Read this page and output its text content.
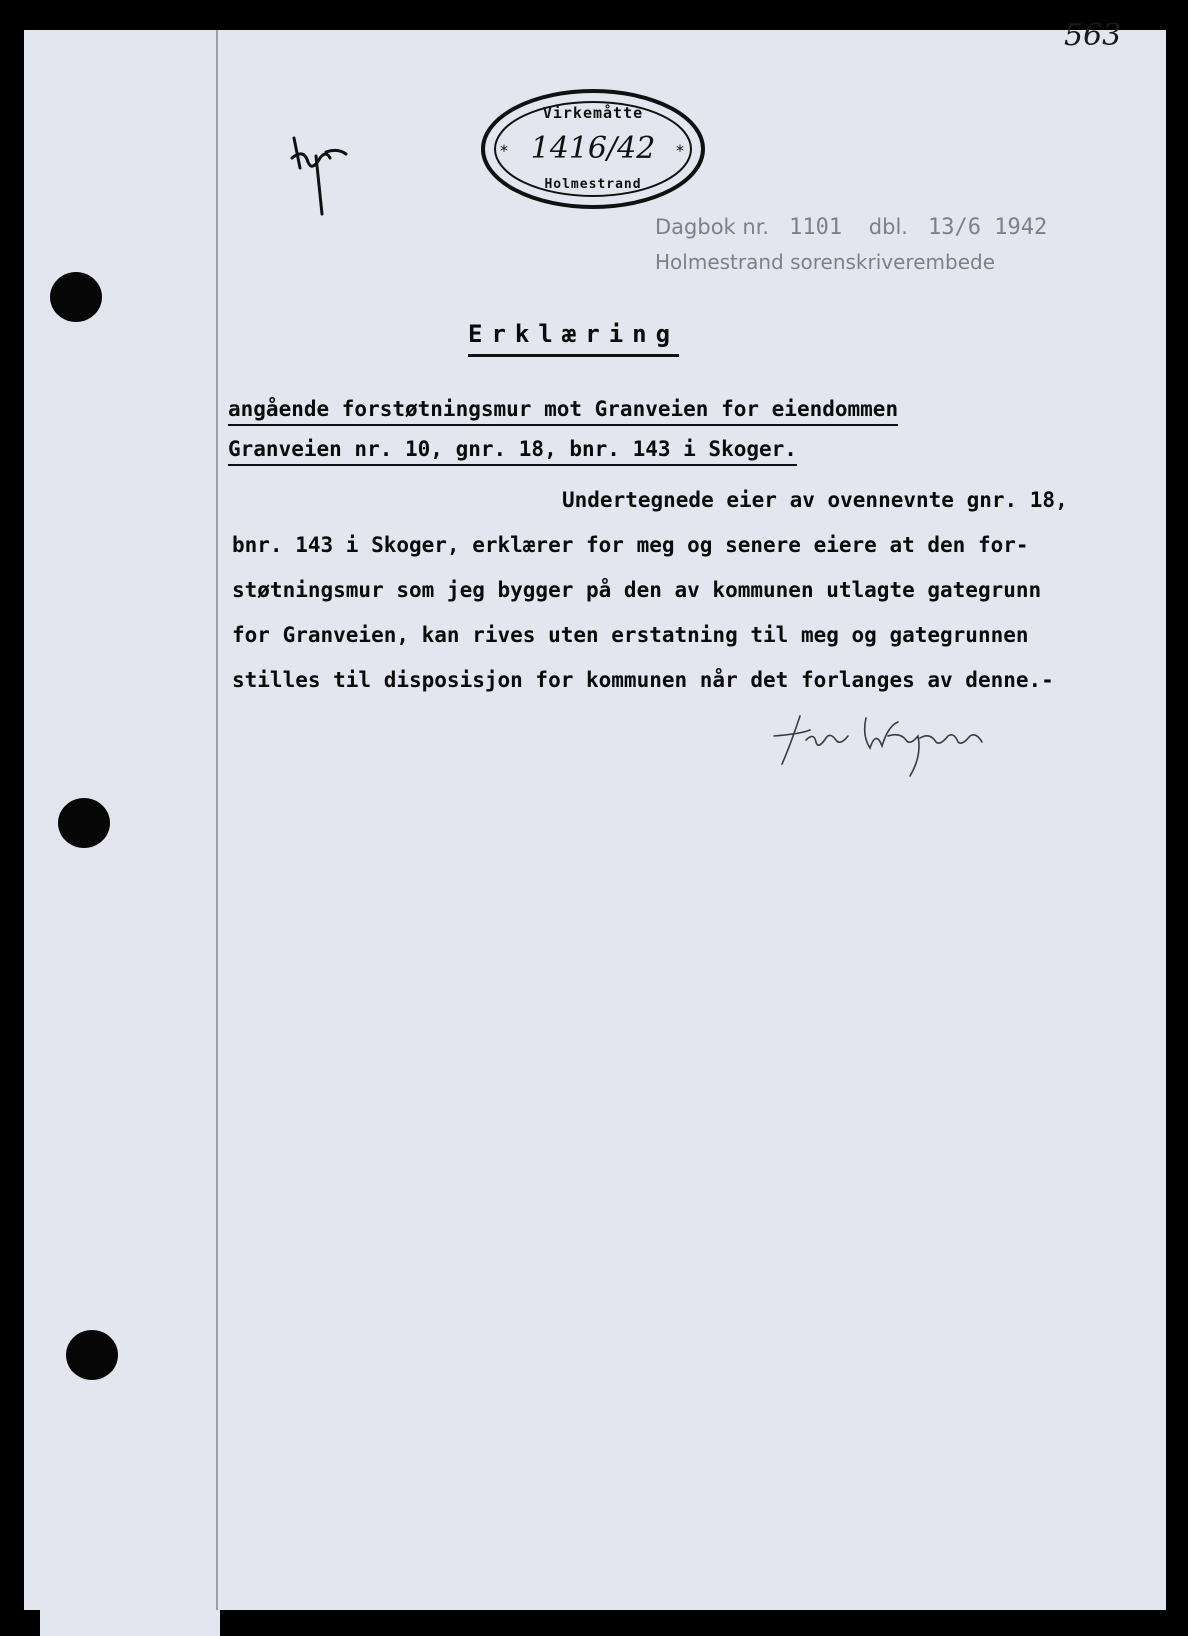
563

*	*

Virkemåtte

1416/42

Holmestrand

Dagbok nr. 1101 dbl. 13/6 1942

Holmestrand sorenskriverembede

Erklæring

angående forstøtningsmur mot Granveien for eiendommen
Granveien nr. 10, gnr. 18, bnr. 143 i Skoger.

Undertegnede eier av ovennevnte gnr. 18,
bnr. 143 i Skoger, erklærer for meg og senere eiere at den for-
støtningsmur som jeg bygger på den av kommunen utlagte gategrunn
for Granveien, kan rives uten erstatning til meg og gategrunnen
stilles til disposisjon for kommunen når det forlanges av denne.-
